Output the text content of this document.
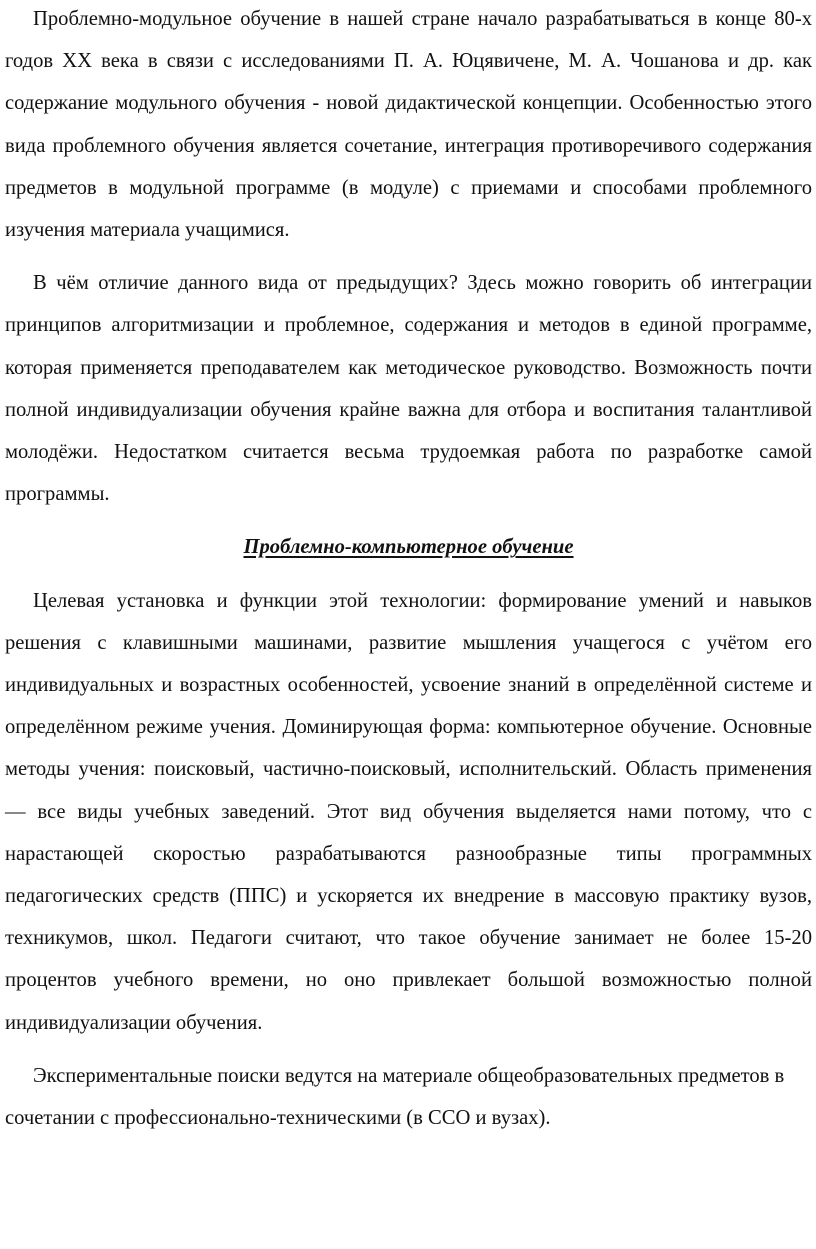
Проблемно-модульное обучение в нашей стране начало разрабатываться в конце 80-х годов XX века в связи с исследованиями П. А. Юцявичене, М. А. Чошанова и др. как содержание модульного обучения - новой дидактической концепции. Особенностью этого вида проблемного обучения является сочетание, интеграция противоречивого содержания предметов в модульной программе (в модуле) с приемами и способами проблемного изучения материала учащимися.

В чём отличие данного вида от предыдущих? Здесь можно говорить об интеграции принципов алгоритмизации и проблемное, содержания и методов в единой программе, которая применяется преподавателем как методическое руководство. Возможность почти полной индивидуализации обучения крайне важна для отбора и воспитания талантливой молодёжи. Недостатком считается весьма трудоемкая работа по разработке самой программы.

Проблемно-компьютерное обучение

Целевая установка и функции этой технологии: формирование умений и навыков решения с клавишными машинами, развитие мышления учащегося с учётом его индивидуальных и возрастных особенностей, усвоение знаний в определённой системе и определённом режиме учения. Доминирующая форма: компьютерное обучение. Основные методы учения: поисковый, частично-поисковый, исполнительский. Область применения — все виды учебных заведений. Этот вид обучения выделяется нами потому, что с нарастающей скоростью разрабатываются разнообразные типы программных педагогических средств (ППС) и ускоряется их внедрение в массовую практику вузов, техникумов, школ. Педагоги считают, что такое обучение занимает не более 15-20 процентов учебного времени, но оно привлекает большой возможностью полной индивидуализации обучения.

Экспериментальные поиски ведутся на материале общеобразовательных предметов в сочетании с профессионально-техническими (в ССО и вузах).
